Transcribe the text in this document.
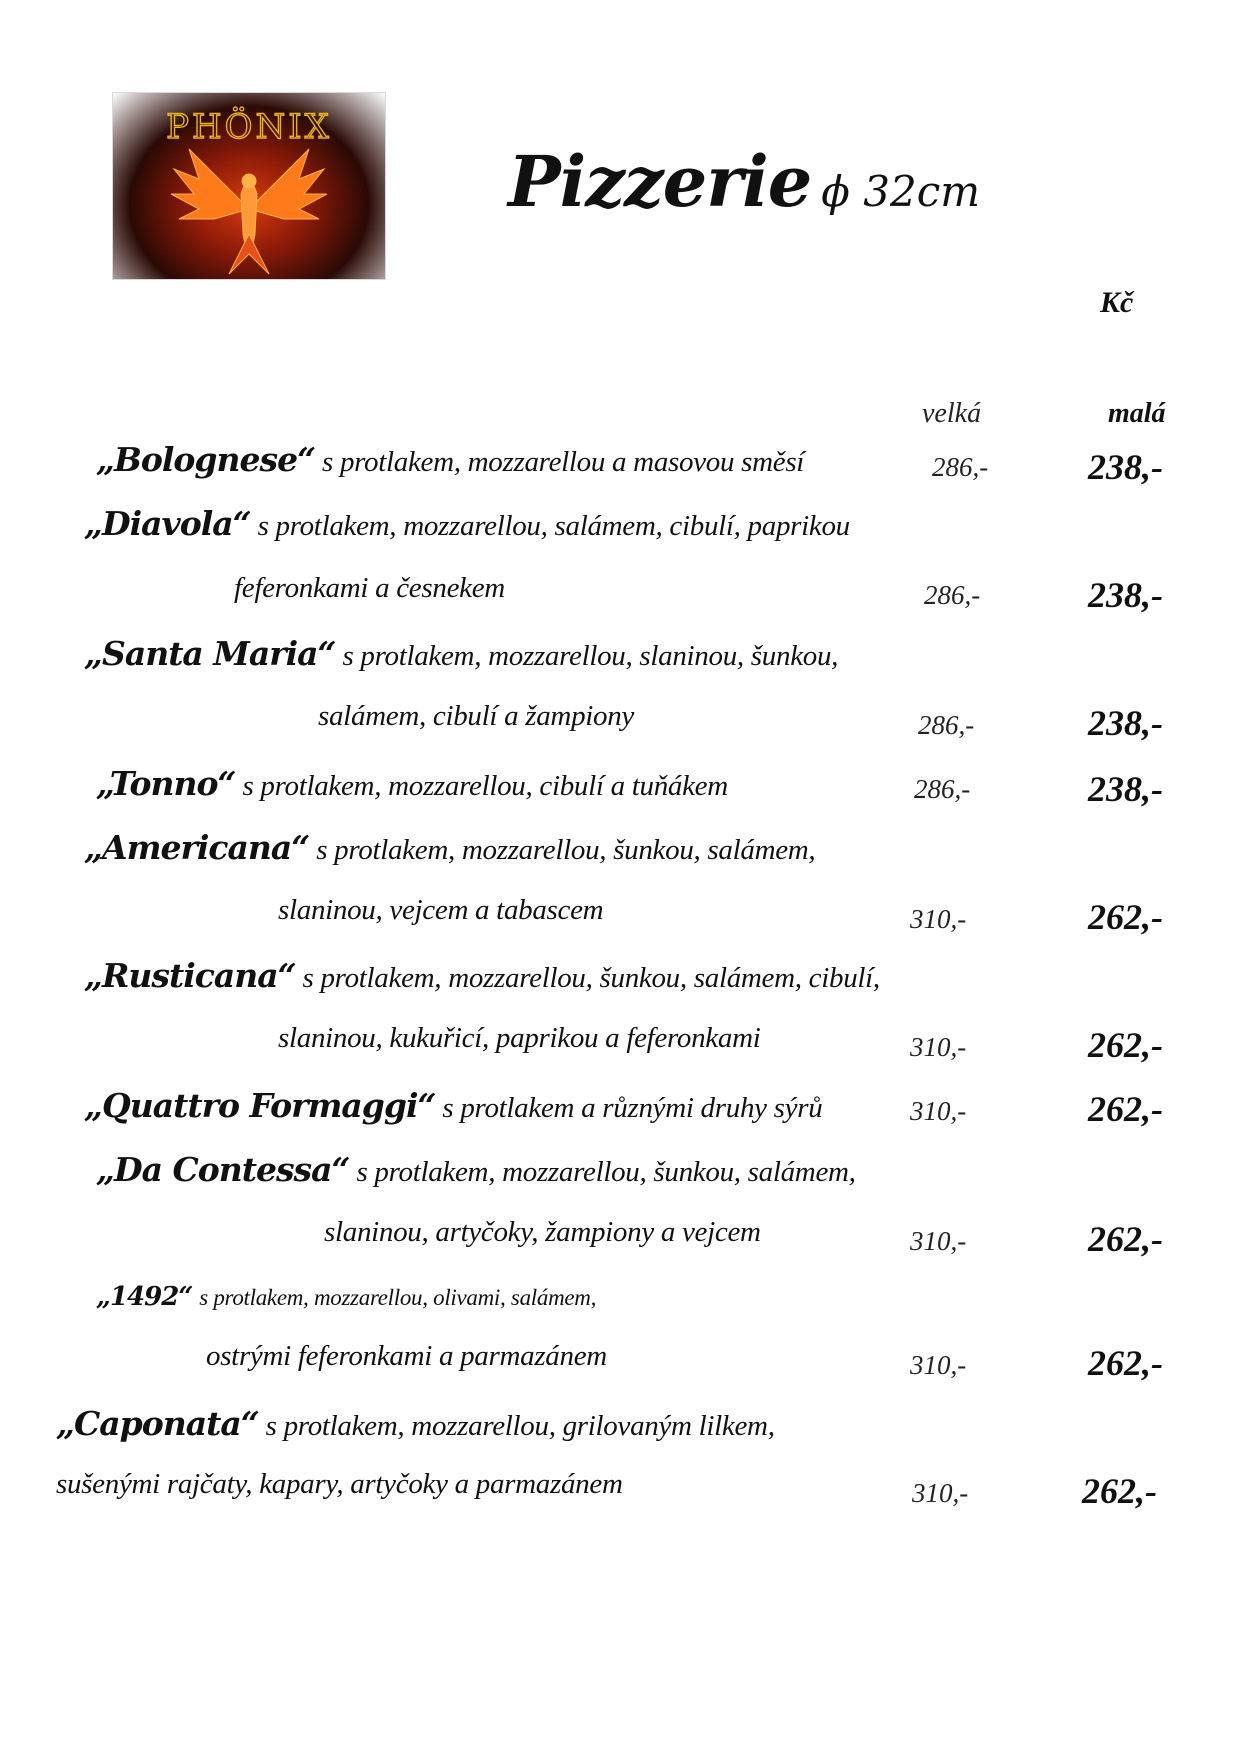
PHÖNIX
Pizzerie ϕ 32cm
Kč
velká	malá
„Bolognese“ s protlakem, mozzarellou a masovou směsí	286,-	238,-
„Diavola“ s protlakem, mozzarellou, salámem, cibulí, paprikou
feferonkami a česnekem	286,-	238,-
„Santa Maria“ s protlakem, mozzarellou, slaninou, šunkou,
salámem, cibulí a žampiony	286,-	238,-
„Tonno“ s protlakem, mozzarellou, cibulí a tuňákem	286,-	238,-
„Americana“ s protlakem, mozzarellou, šunkou, salámem,
slaninou, vejcem a tabascem	310,-	262,-
„Rusticana“ s protlakem, mozzarellou, šunkou, salámem, cibulí,
slaninou, kukuřicí, paprikou a feferonkami	310,-	262,-
„Quattro Formaggi“ s protlakem a různými druhy sýrů	310,-	262,-
„Da Contessa“ s protlakem, mozzarellou, šunkou, salámem,
slaninou, artyčoky, žampiony a vejcem	310,-	262,-
„1492“ s protlakem, mozzarellou, olivami, salámem,
ostrými feferonkami a parmazánem	310,-	262,-
„Caponata“ s protlakem, mozzarellou, grilovaným lilkem,
sušenými rajčaty, kapary, artyčoky a parmazánem	310,-	262,-
